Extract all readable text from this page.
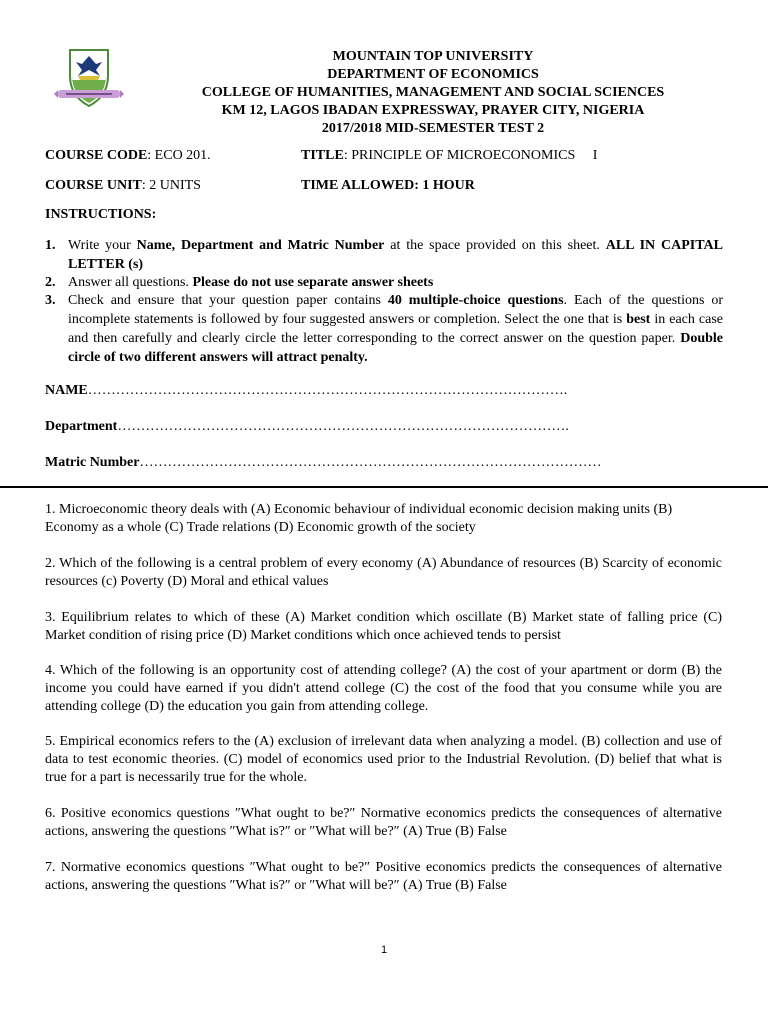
MOUNTAIN TOP UNIVERSITY
DEPARTMENT OF ECONOMICS
COLLEGE OF HUMANITIES, MANAGEMENT AND SOCIAL SCIENCES
KM 12, LAGOS IBADAN EXPRESSWAY, PRAYER CITY, NIGERIA
2017/2018 MID-SEMESTER TEST 2
COURSE CODE: ECO 201.	TITLE: PRINCIPLE OF MICROECONOMICS     I
COURSE UNIT: 2 UNITS	TIME ALLOWED: 1 HOUR
INSTRUCTIONS:
1. Write your Name, Department and Matric Number at the space provided on this sheet. ALL IN CAPITAL LETTER (s)
2. Answer all questions. Please do not use separate answer sheets
3. Check and ensure that your question paper contains 40 multiple-choice questions. Each of the questions or incomplete statements is followed by four suggested answers or completion. Select the one that is best in each case and then carefully and clearly circle the letter corresponding to the correct answer on the question paper. Double circle of two different answers will attract penalty.
NAME………………………………………………………………………………………….
Department…………………………………………………………………………………….
Matric Number………………………………………………………………………………………
1. Microeconomic theory deals with (A) Economic behaviour of individual economic decision making units (B) Economy as a whole (C) Trade relations (D) Economic growth of the society
2. Which of the following is a central problem of every economy (A) Abundance of resources (B) Scarcity of economic resources (c) Poverty (D) Moral and ethical values
3. Equilibrium relates to which of these (A) Market condition which oscillate (B) Market state of falling price (C) Market condition of rising price (D) Market conditions which once achieved tends to persist
4. Which of the following is an opportunity cost of attending college? (A) the cost of your apartment or dorm (B) the income you could have earned if you didn't attend college (C) the cost of the food that you consume while you are attending college (D) the education you gain from attending college.
5. Empirical economics refers to the (A) exclusion of irrelevant data when analyzing a model. (B) collection and use of data to test economic theories. (C) model of economics used prior to the Industrial Revolution. (D) belief that what is true for a part is necessarily true for the whole.
6. Positive economics questions ″What ought to be?″ Normative economics predicts the consequences of alternative actions, answering the questions ″What is?″ or ″What will be?″ (A) True (B) False
7. Normative economics questions ″What ought to be?″ Positive economics predicts the consequences of alternative actions, answering the questions ″What is?″ or ″What will be?″ (A) True (B) False
1
